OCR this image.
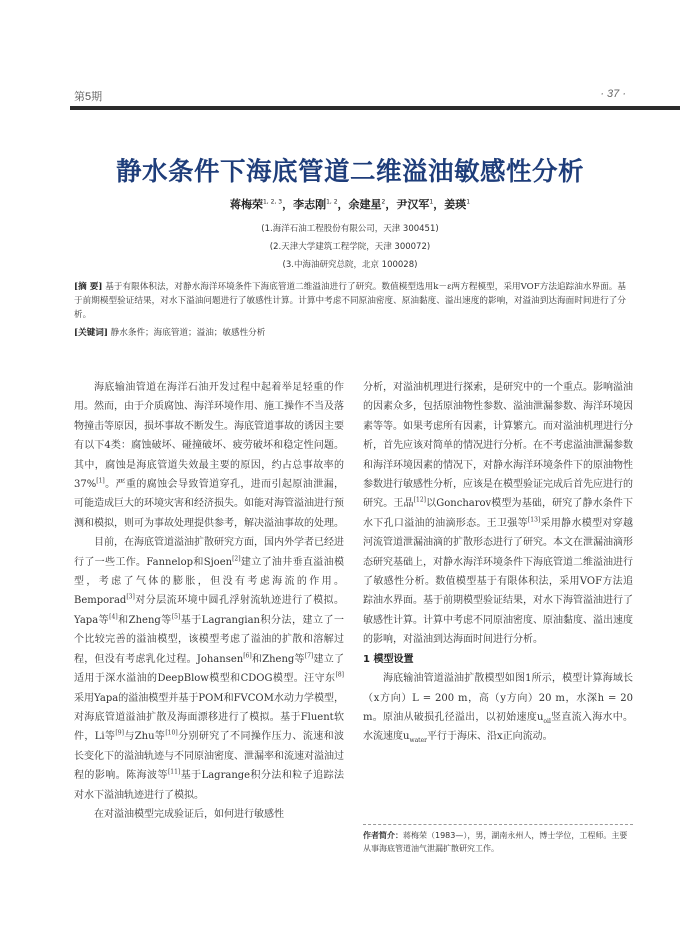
第5期	· 37 ·
静水条件下海底管道二维溢油敏感性分析
蒋梅荣$^{1, 2, 3}$，李志刚$^{1, 2}$，余建星$^2$，尹汉军$^1$，姜瑛$^1$
(1.海洋石油工程股份有限公司，天津 300451)
(2.天津大学建筑工程学院，天津 300072)
(3.中海油研究总院，北京 100028)
[摘 要] 基于有限体积法，对静水海洋环境条件下海底管道二维溢油进行了研究。数值模型选用k－ε两方程模型，采用VOF方法追踪油水界面。基于前期模型验证结果，对水下溢油问题进行了敏感性计算。计算中考虑不同原油密度、原油黏度、溢出速度的影响，对溢油到达海面时间进行了分析。
[关键词] 静水条件；海底管道；溢油；敏感性分析

海底输油管道在海洋石油开发过程中起着举足轻重的作用。然而，由于介质腐蚀、海洋环境作用、施工操作不当及落物撞击等原因，损坏事故不断发生。海底管道事故的诱因主要有以下4类：腐蚀破坏、碰撞破坏、疲劳破坏和稳定性问题。其中，腐蚀是海底管道失效最主要的原因，约占总事故率的37%[1]。严重的腐蚀会导致管道穿孔，进而引起原油泄漏，可能造成巨大的环境灾害和经济损失。如能对海管溢油进行预测和模拟，则可为事故处理提供参考，解决溢油事故的处理。

目前，在海底管道溢油扩散研究方面，国内外学者已经进行了一些工作。Fannelop和Sjoen[2]建立了油井垂直溢油模型，考虑了气体的膨胀，但没有考虑海流的作用。Bemporad[3]对分层流环境中圆孔浮射流轨迹进行了模拟。Yapa等[4]和Zheng等[5]基于Lagrangian积分法，建立了一个比较完善的溢油模型，该模型考虑了溢油的扩散和溶解过程，但没有考虑乳化过程。Johansen[6]和Zheng等[7]建立了适用于深水溢油的DeepBlow模型和CDOG模型。汪守东[8]采用Yapa的溢油模型并基于POM和FVCOM水动力学模型，对海底管道溢油扩散及海面漂移进行了模拟。基于Fluent软件，Li等[9]与Zhu等[10]分别研究了不同操作压力、流速和波长变化下的溢油轨迹与不同原油密度、泄漏率和流速对溢油过程的影响。陈海波等[11]基于Lagrange积分法和粒子追踪法对水下溢油轨迹进行了模拟。

在对溢油模型完成验证后，如何进行敏感性

分析，对溢油机理进行探索，是研究中的一个重点。影响溢油的因素众多，包括原油物性参数、溢油泄漏参数、海洋环境因素等等。如果考虑所有因素，计算繁亢。而对溢油机理进行分析，首先应该对简单的情况进行分析。在不考虑溢油泄漏参数和海洋环境因素的情况下，对静水海洋环境条件下的原油物性参数进行敏感性分析，应该是在模型验证完成后首先应进行的研究。王晶[12]以Goncharov模型为基础，研究了静水条件下水下孔口溢油的油滴形态。王卫强等[13]采用静水模型对穿越河流管道泄漏油滴的扩散形态进行了研究。本文在泄漏油滴形态研究基础上，对静水海洋环境条件下海底管道二维溢油进行了敏感性分析。数值模型基于有限体积法，采用VOF方法追踪油水界面。基于前期模型验证结果，对水下海管溢油进行了敏感性计算。计算中考虑不同原油密度、原油黏度、溢出速度的影响，对溢油到达海面时间进行分析。

1 模型设置

海底输油管道溢油扩散模型如图1所示，模型计算海域长（x方向）L = 200 m，高（y方向）20 m，水深h = 20 m。原油从破损孔径溢出，以初始速度$u_{oil}$竖直流入海水中。水流速度$u_{water}$平行于海床、沿x正向流动。

作者简介：蒋梅荣（1983—），男，湖南永州人，博士学位，工程师。主要从事海底管道油气泄漏扩散研究工作。
